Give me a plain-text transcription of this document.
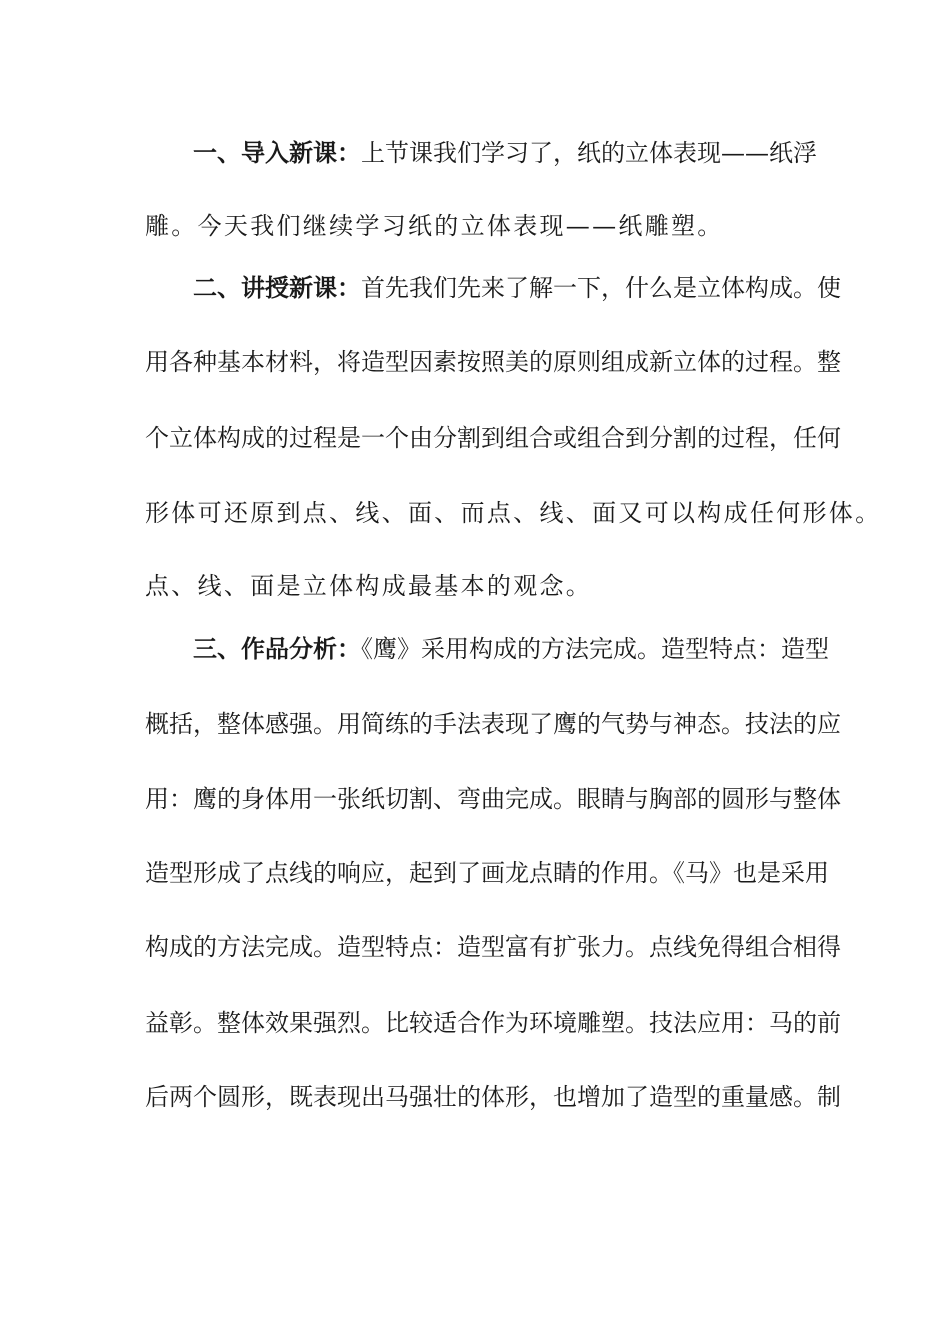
一、导入新课：上节课我们学习了，纸的立体表现——纸浮
雕。今天我们继续学习纸的立体表现——纸雕塑。
二、讲授新课：首先我们先来了解一下，什么是立体构成。使
用各种基本材料，将造型因素按照美的原则组成新立体的过程。整
个立体构成的过程是一个由分割到组合或组合到分割的过程，任何
形体可还原到点、线、面、而点、线、面又可以构成任何形体。
点、线、面是立体构成最基本的观念。
三、作品分析：《鹰》采用构成的方法完成。造型特点：造型
概括，整体感强。用简练的手法表现了鹰的气势与神态。技法的应
用：鹰的身体用一张纸切割、弯曲完成。眼睛与胸部的圆形与整体
造型形成了点线的响应，起到了画龙点睛的作用。《马》也是采用
构成的方法完成。造型特点：造型富有扩张力。点线免得组合相得
益彰。整体效果强烈。比较适合作为环境雕塑。技法应用：马的前
后两个圆形，既表现出马强壮的体形，也增加了造型的重量感。制
